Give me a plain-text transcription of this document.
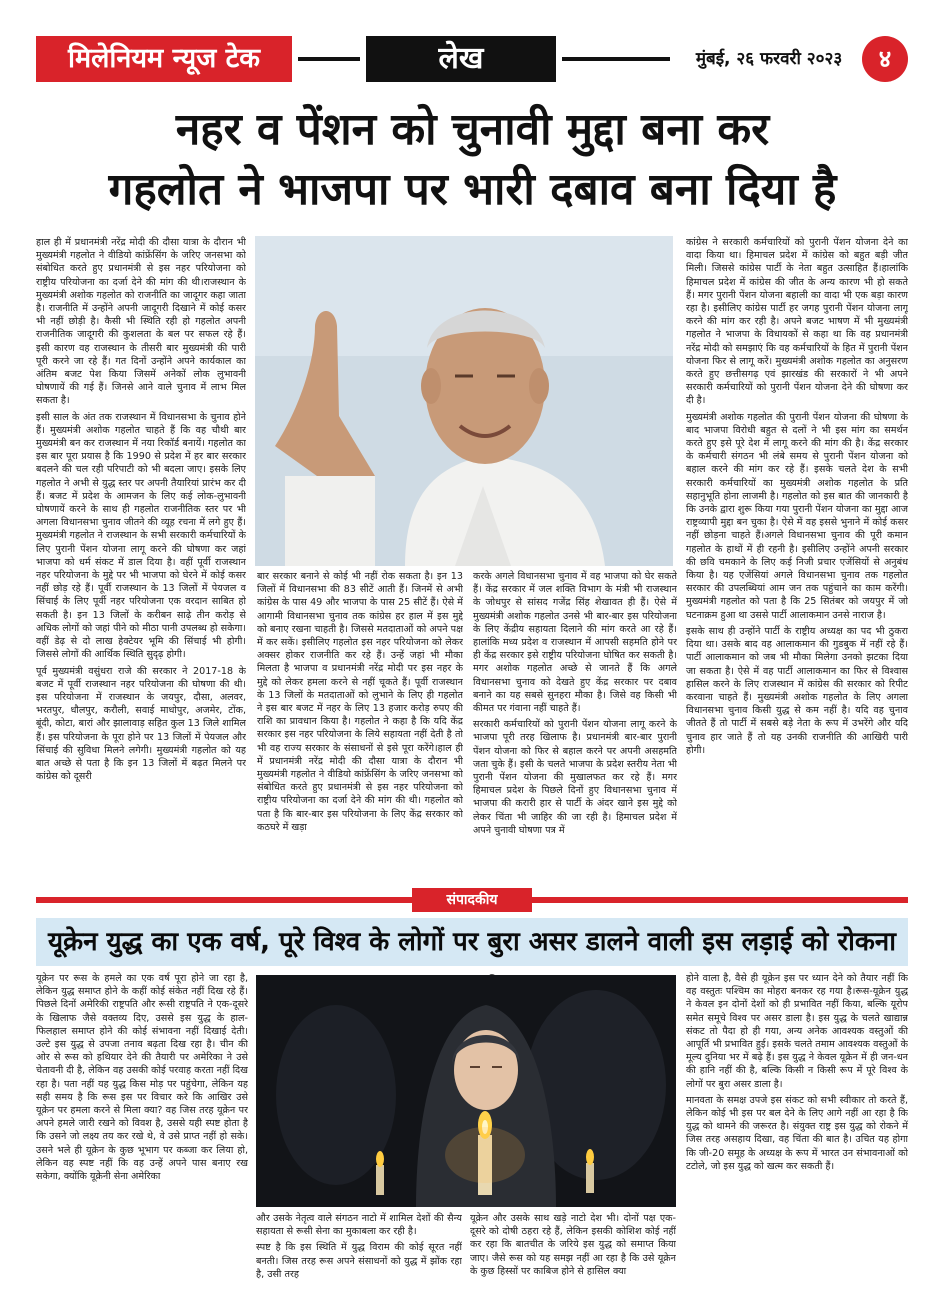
मिलेनियम न्यूज टेक	लेख	मुंबई, २६ फरवरी २०२३	४
नहर व पेंशन को चुनावी मुद्दा बना कर
गहलोत ने भाजपा पर भारी दबाव बना दिया है

हाल ही में प्रधानमंत्री नरेंद्र मोदी की दौसा यात्रा के दौरान भी मुख्यमंत्री गहलोत ने वीडियो कांफ्रेंसिंग के जरिए जनसभा को संबोधित करते हुए प्रधानमंत्री से इस नहर परियोजना को राष्ट्रीय परियोजना का दर्जा देने की मांग की थी।राजस्थान के मुख्यमंत्री अशोक गहलोत को राजनीति का जादूगर कहा जाता है। राजनीति में उन्होंने अपनी जादूगरी दिखाने में कोई कसर भी नहीं छोड़ी है। कैसी भी स्थिति रही हो गहलोत अपनी राजनीतिक जादूगरी की कुशलता के बल पर सफल रहे हैं। इसी कारण वह राजस्थान के तीसरी बार मुख्यमंत्री की पारी पूरी करने जा रहे हैं। गत दिनों उन्होंने अपने कार्यकाल का अंतिम बजट पेश किया जिसमें अनेकों लोक लुभावनी घोषणायें की गई हैं। जिनसे आने वाले चुनाव में लाभ मिल सकता है।

इसी साल के अंत तक राजस्थान में विधानसभा के चुनाव होने हैं। मुख्यमंत्री अशोक गहलोत चाहते हैं कि वह चौथी बार मुख्यमंत्री बन कर राजस्थान में नया रिकॉर्ड बनायें। गहलोत का इस बार पूरा प्रयास है कि 1990 से प्रदेश में हर बार सरकार बदलने की चल रही परिपाटी को भी बदला जाए। इसके लिए गहलोत ने अभी से युद्ध स्तर पर अपनी तैयारियां प्रारंभ कर दी हैं। बजट में प्रदेश के आमजन के लिए कई लोक-लुभावनी घोषणायें करने के साथ ही गहलोत राजनीतिक स्तर पर भी अगला विधानसभा चुनाव जीतने की व्यूह रचना में लगे हुए हैं। मुख्यमंत्री गहलोत ने राजस्थान के सभी सरकारी कर्मचारियों के लिए पुरानी पेंशन योजना लागू करने की घोषणा कर जहां भाजपा को धर्म संकट में डाल दिया है। वहीं पूर्वी राजस्थान नहर परियोजना के मुद्दे पर भी भाजपा को घेरने में कोई कसर नहीं छोड़ रहे हैं। पूर्वी राजस्थान के 13 जिलों में पेयजल व सिंचाई के लिए पूर्वी नहर परियोजना एक वरदान साबित हो सकती है। इन 13 जिलों के करीबन साढ़े तीन करोड़ से अधिक लोगों को जहां पीने को मीठा पानी उपलब्ध हो सकेगा। वहीं डेढ़ से दो लाख हेक्टेयर भूमि की सिंचाई भी होगी। जिससे लोगों की आर्थिक स्थिति सुदृढ़ होगी।

पूर्व मुख्यमंत्री वसुंधरा राजे की सरकार ने 2017-18 के बजट में पूर्वी राजस्थान नहर परियोजना की घोषणा की थी। इस परियोजना में राजस्थान के जयपुर, दौसा, अलवर, भरतपुर, धौलपुर, करौली, सवाई माधोपुर, अजमेर, टोंक, बूंदी, कोटा, बारां और झालावाड़ सहित कुल 13 जिले शामिल हैं। इस परियोजना के पूरा होने पर 13 जिलों में पेयजल और सिंचाई की सुविधा मिलने लगेगी। मुख्यमंत्री गहलोत को यह बात अच्छे से पता है कि इन 13 जिलों में बढ़त मिलने पर कांग्रेस को दूसरी

बार सरकार बनाने से कोई भी नहीं रोक सकता है। इन 13 जिलों में विधानसभा की 83 सीटें आती हैं। जिनमें से अभी कांग्रेस के पास 49 और भाजपा के पास 25 सीटें हैं। ऐसे में आगामी विधानसभा चुनाव तक कांग्रेस हर हाल में इस मुद्दे को बनाए रखना चाहती है। जिससे मतदाताओं को अपने पक्ष में कर सकें। इसीलिए गहलोत इस नहर परियोजना को लेकर अक्सर होकर राजनीति कर रहे हैं। उन्हें जहां भी मौका मिलता है भाजपा व प्रधानमंत्री नरेंद्र मोदी पर इस नहर के मुद्दे को लेकर हमला करने से नहीं चूकते हैं। पूर्वी राजस्थान के 13 जिलों के मतदाताओं को लुभाने के लिए ही गहलोत ने इस बार बजट में नहर के लिए 13 हजार करोड़ रुपए की राशि का प्रावधान किया है। गहलोत ने कहा है कि यदि केंद्र सरकार इस नहर परियोजना के लिये सहायता नहीं देती है तो भी वह राज्य सरकार के संसाधनों से इसे पूरा करेंगे।हाल ही में प्रधानमंत्री नरेंद्र मोदी की दौसा यात्रा के दौरान भी मुख्यमंत्री गहलोत ने वीडियो कांफ्रेंसिंग के जरिए जनसभा को संबोधित करते हुए प्रधानमंत्री से इस नहर परियोजना को राष्ट्रीय परियोजना का दर्जा देने की मांग की थी। गहलोत को पता है कि बार-बार इस परियोजना के लिए केंद्र सरकार को कठघरे में खड़ा

करके अगले विधानसभा चुनाव में वह भाजपा को घेर सकते हैं। केंद्र सरकार में जल शक्ति विभाग के मंत्री भी राजस्थान के जोधपुर से सांसद गजेंद्र सिंह शेखावत ही हैं। ऐसे में मुख्यमंत्री अशोक गहलोत उनसे भी बार-बार इस परियोजना के लिए केंद्रीय सहायता दिलाने की मांग करते आ रहे हैं। हालांकि मध्य प्रदेश व राजस्थान में आपसी सहमति होने पर ही केंद्र सरकार इसे राष्ट्रीय परियोजना घोषित कर सकती है। मगर अशोक गहलोत अच्छे से जानते हैं कि अगले विधानसभा चुनाव को देखते हुए केंद्र सरकार पर दबाव बनाने का यह सबसे सुनहरा मौका है। जिसे वह किसी भी कीमत पर गंवाना नहीं चाहते हैं।

सरकारी कर्मचारियों को पुरानी पेंशन योजना लागू करने के भाजपा पूरी तरह खिलाफ है। प्रधानमंत्री बार-बार पुरानी पेंशन योजना को फिर से बहाल करने पर अपनी असहमति जता चुके हैं। इसी के चलते भाजपा के प्रदेश स्तरीय नेता भी पुरानी पेंशन योजना की मुखालफत कर रहे हैं। मगर हिमाचल प्रदेश के पिछले दिनों हुए विधानसभा चुनाव में भाजपा की करारी हार से पार्टी के अंदर खाने इस मुद्दे को लेकर चिंता भी जाहिर की जा रही है। हिमाचल प्रदेश में अपने चुनावी घोषणा पत्र में

कांग्रेस ने सरकारी कर्मचारियों को पुरानी पेंशन योजना देने का वादा किया था। हिमाचल प्रदेश में कांग्रेस को बहुत बड़ी जीत मिली। जिससे कांग्रेस पार्टी के नेता बहुत उत्साहित हैं।हालांकि हिमाचल प्रदेश में कांग्रेस की जीत के अन्य कारण भी हो सकते हैं। मगर पुरानी पेंशन योजना बहाली का वादा भी एक बड़ा कारण रहा है। इसीलिए कांग्रेस पार्टी हर जगह पुरानी पेंशन योजना लागू करने की मांग कर रही है। अपने बजट भाषण में भी मुख्यमंत्री गहलोत ने भाजपा के विधायकों से कहा था कि वह प्रधानमंत्री नरेंद्र मोदी को समझाएं कि वह कर्मचारियों के हित में पुरानी पेंशन योजना फिर से लागू करें। मुख्यमंत्री अशोक गहलोत का अनुसरण करते हुए छत्तीसगढ़ एवं झारखंड की सरकारों ने भी अपने सरकारी कर्मचारियों को पुरानी पेंशन योजना देने की घोषणा कर दी है।

मुख्यमंत्री अशोक गहलोत की पुरानी पेंशन योजना की घोषणा के बाद भाजपा विरोधी बहुत से दलों ने भी इस मांग का समर्थन करते हुए इसे पूरे देश में लागू करने की मांग की है। केंद्र सरकार के कर्मचारी संगठन भी लंबे समय से पुरानी पेंशन योजना को बहाल करने की मांग कर रहे हैं। इसके चलते देश के सभी सरकारी कर्मचारियों का मुख्यमंत्री अशोक गहलोत के प्रति सहानुभूति होना लाजमी है। गहलोत को इस बात की जानकारी है कि उनके द्वारा शुरू किया गया पुरानी पेंशन योजना का मुद्दा आज राष्ट्रव्यापी मुद्दा बन चुका है। ऐसे में वह इससे भुनाने में कोई कसर नहीं छोड़ना चाहते हैं।अगले विधानसभा चुनाव की पूरी कमान गहलोत के हाथों में ही रहनी है। इसीलिए उन्होंने अपनी सरकार की छवि चमकाने के लिए कई निजी प्रचार एजेंसियों से अनुबंध किया है। यह एजेंसियां अगले विधानसभा चुनाव तक गहलोत सरकार की उपलब्धियां आम जन तक पहुंचाने का काम करेंगी। मुख्यमंत्री गहलोत को पता है कि 25 सितंबर को जयपुर में जो घटनाक्रम हुआ था उससे पार्टी आलाकमान उनसे नाराज है।

इसके साथ ही उन्होंने पार्टी के राष्ट्रीय अध्यक्ष का पद भी ठुकरा दिया था। उसके बाद वह आलाकमान की गुडबुक में नहीं रहे हैं। पार्टी आलाकमान को जब भी मौका मिलेगा उनको झटका दिया जा सकता है। ऐसे में वह पार्टी आलाकमान का फिर से विश्वास हासिल करने के लिए राजस्थान में कांग्रेस की सरकार को रिपीट करवाना चाहते हैं। मुख्यमंत्री अशोक गहलोत के लिए अगला विधानसभा चुनाव किसी युद्ध से कम नहीं है। यदि वह चुनाव जीतते हैं तो पार्टी में सबसे बड़े नेता के रूप में उभरेंगे और यदि चुनाव हार जाते हैं तो यह उनकी राजनीति की आखिरी पारी होगी।

संपादकीय
यूक्रेन युद्ध का एक वर्ष, पूरे विश्व के लोगों पर बुरा असर डालने वाली इस लड़ाई को रोकना

यूक्रेन पर रूस के हमले का एक वर्ष पूरा होने जा रहा है, लेकिन युद्ध समाप्त होने के कहीं कोई संकेत नहीं दिख रहे हैं। पिछले दिनों अमेरिकी राष्ट्रपति और रूसी राष्ट्रपति ने एक-दूसरे के खिलाफ जैसे वक्तव्य दिए, उससे इस युद्ध के हाल-फिलहाल समाप्त होने की कोई संभावना नहीं दिखाई देती। उल्टे इस युद्ध से उपजा तनाव बढ़ता दिख रहा है। चीन की ओर से रूस को हथियार देने की तैयारी पर अमेरिका ने उसे चेतावनी दी है, लेकिन वह उसकी कोई परवाह करता नहीं दिख रहा है। पता नहीं यह युद्ध किस मोड़ पर पहुंचेगा, लेकिन यह सही समय है कि रूस इस पर विचार करे कि आखिर उसे यूक्रेन पर हमला करने से मिला क्या? वह जिस तरह यूक्रेन पर अपने हमले जारी रखने को विवश है, उससे यही स्पष्ट होता है कि उसने जो लक्ष्य तय कर रखे थे, वे उसे प्राप्त नहीं हो सके। उसने भले ही यूक्रेन के कुछ भूभाग पर कब्जा कर लिया हो, लेकिन वह स्पष्ट नहीं कि वह उन्हें अपने पास बनाए रख सकेगा, क्योंकि यूक्रेनी सेना अमेरिका

और उसके नेतृत्व वाले संगठन नाटो में शामिल देशों की सैन्य सहायता से रूसी सेना का मुकाबला कर रही है।

स्पष्ट है कि इस स्थिति में युद्ध विराम की कोई सूरत नहीं बनती। जिस तरह रूस अपने संसाधनों को युद्ध में झोंक रहा है, उसी तरह

यूक्रेन और उसके साथ खड़े नाटो देश भी। दोनों पक्ष एक-दूसरे को दोषी ठहरा रहे हैं, लेकिन इसकी कोशिश कोई नहीं कर रहा कि बातचीत के जरिये इस युद्ध को समाप्त किया जाए। जैसे रूस को यह समझ नहीं आ रहा है कि उसे यूक्रेन के कुछ हिस्सों पर काबिज होने से हासिल क्या

होने वाला है, वैसे ही यूक्रेन इस पर ध्यान देने को तैयार नहीं कि वह वस्तुतः पश्चिम का मोहरा बनकर रह गया है।रूस-यूक्रेन युद्ध ने केवल इन दोनों देशों को ही प्रभावित नहीं किया, बल्कि यूरोप समेत समूचे विश्व पर असर डाला है। इस युद्ध के चलते खाद्यान्न संकट तो पैदा हो ही गया, अन्य अनेक आवश्यक वस्तुओं की आपूर्ति भी प्रभावित हुई। इसके चलते तमाम आवश्यक वस्तुओं के मूल्य दुनिया भर में बढ़े हैं। इस युद्ध ने केवल यूक्रेन में ही जन-धन की हानि नहीं की है, बल्कि किसी न किसी रूप में पूरे विश्व के लोगों पर बुरा असर डाला है।

मानवता के समक्ष उपजे इस संकट को सभी स्वीकार तो करते हैं, लेकिन कोई भी इस पर बल देने के लिए आगे नहीं आ रहा है कि युद्ध को थामने की जरूरत है। संयुक्त राष्ट्र इस युद्ध को रोकने में जिस तरह असहाय दिखा, वह चिंता की बात है। उचित यह होगा कि जी-20 समूह के अध्यक्ष के रूप में भारत उन संभावनाओं को टटोले, जो इस युद्ध को खत्म कर सकती हैं।
